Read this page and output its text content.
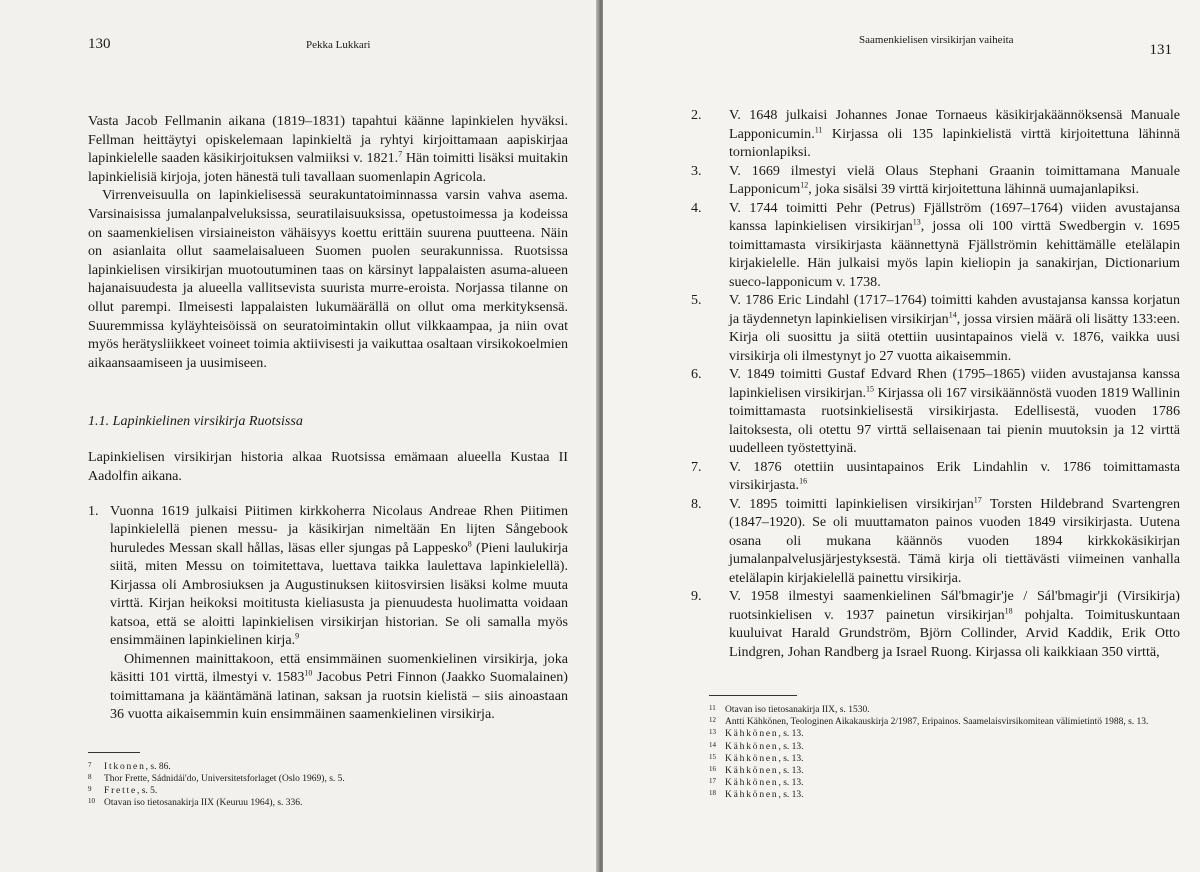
130	Pekka Lukkari

Vasta Jacob Fellmanin aikana (1819–1831) tapahtui käänne lapinkielen hyväksi. Fellman heittäytyi opiskelemaan lapinkieltä ja ryhtyi kirjoittamaan aapiskirjaa lapinkielelle saaden käsikirjoituksen valmiiksi v. 1821.$^7$ Hän toimitti lisäksi muitakin lapinkielisiä kirjoja, joten hänestä tuli tavallaan suomenlapin Agricola.

Virrenveisuulla on lapinkielisessä seurakuntatoiminnassa varsin vahva asema. Varsinaisissa jumalanpalveluksissa, seuratilaisuuksissa, opetustoimessa ja kodeissa on saamenkielisen virsiaineiston vähäisyys koettu erittäin suurena puutteena. Näin on asianlaita ollut saamelaisalueen Suomen puolen seurakunnissa. Ruotsissa lapinkielisen virsikirjan muotoutuminen taas on kärsinyt lappalaisten asuma-alueen hajanaisuudesta ja alueella vallitsevista suurista murre-eroista. Norjassa tilanne on ollut parempi. Ilmeisesti lappalaisten lukumäärällä on ollut oma merkityksensä. Suuremmissa kyläyhteisöissä on seuratoimintakin ollut vilkkaampaa, ja niin ovat myös herätysliikkeet voineet toimia aktiivisesti ja vaikuttaa osaltaan virsikokoelmien aikaansaamiseen ja uusimiseen.

1.1. Lapinkielinen virsikirja Ruotsissa

Lapinkielisen virsikirjan historia alkaa Ruotsissa emämaan alueella Kustaa II Aadolfin aikana.

1. Vuonna 1619 julkaisi Piitimen kirkkoherra Nicolaus Andreae Rhen Piitimen lapinkielellä pienen messu- ja käsikirjan nimeltään En lijten Sångebook huruledes Messan skall hållas, läsas eller sjungas på Lappesko$^8$ (Pieni laulukirja siitä, miten Messu on toimitettava, luettava taikka laulettava lapinkielellä). Kirjassa oli Ambrosiuksen ja Augustinuksen kiitosvirsien lisäksi kolme muuta virttä. Kirjan heikoksi moititusta kieliasusta ja pienuudesta huolimatta voidaan katsoa, että se aloitti lapinkielisen virsikirjan historian. Se oli samalla myös ensimmäinen lapinkielinen kirja.$^9$
Ohimennen mainittakoon, että ensimmäinen suomenkielinen virsikirja, joka käsitti 101 virttä, ilmestyi v. 1583$^{10}$ Jacobus Petri Finnon (Jaakko Suomalainen) toimittamana ja kääntämänä latinan, saksan ja ruotsin kielistä – siis ainoastaan 36 vuotta aikaisemmin kuin ensimmäinen saamenkielinen virsikirja.
7 Itkonen, s. 86.
8 Thor Frette, Sádnidái'do, Universitetsforlaget (Oslo 1969), s. 5.
9 Frette, s. 5.
10 Otavan iso tietosanakirja IIX (Keuruu 1964), s. 336.
Saamenkielisen virsikirjan vaiheita
131
2. V. 1648 julkaisi Johannes Jonae Tornaeus käsikirjakäännöksensä Manuale Lapponicumin.$^{11}$ Kirjassa oli 135 lapinkielistä virttä kirjoitettuna lähinnä tornionlapiksi.
3. V. 1669 ilmestyi vielä Olaus Stephani Graanin toimittamana Manuale Lapponicum$^{12}$, joka sisälsi 39 virttä kirjoitettuna lähinnä uumajanlapiksi.
4. V. 1744 toimitti Pehr (Petrus) Fjällström (1697–1764) viiden avustajansa kanssa lapinkielisen virsikirjan$^{13}$, jossa oli 100 virttä Swedbergin v. 1695 toimittamasta virsikirjasta käännettynä Fjällströmin kehittämälle etelälapin kirjakielelle. Hän julkaisi myös lapin kieliopin ja sanakirjan, Dictionarium sueco-lapponicum v. 1738.
5. V. 1786 Eric Lindahl (1717–1764) toimitti kahden avustajansa kanssa korjatun ja täydennetyn lapinkielisen virsikirjan$^{14}$, jossa virsien määrä oli lisätty 133:een. Kirja oli suosittu ja siitä otettiin uusintapainos vielä v. 1876, vaikka uusi virsikirja oli ilmestynyt jo 27 vuotta aikaisemmin.
6. V. 1849 toimitti Gustaf Edvard Rhen (1795–1865) viiden avustajansa kanssa lapinkielisen virsikirjan.$^{15}$ Kirjassa oli 167 virsikäännöstä vuoden 1819 Wallinin toimittamasta ruotsinkielisestä virsikirjasta. Edellisestä, vuoden 1786 laitoksesta, oli otettu 97 virttä sellaisenaan tai pienin muutoksin ja 12 virttä uudelleen työstettyinä.
7. V. 1876 otettiin uusintapainos Erik Lindahlin v. 1786 toimittamasta virsikirjasta.$^{16}$
8. V. 1895 toimitti lapinkielisen virsikirjan$^{17}$ Torsten Hildebrand Svartengren (1847–1920). Se oli muuttamaton painos vuoden 1849 virsikirjasta. Uutena osana oli mukana käännös vuoden 1894 kirkkokäsikirjan jumalanpalvelusjärjestyksestä. Tämä kirja oli tiettävästi viimeinen vanhalla etelälapin kirjakielellä painettu virsikirja.
9. V. 1958 ilmestyi saamenkielinen Sál'bmagir'je / Sál'bmagir'ji (Virsikirja) ruotsinkielisen v. 1937 painetun virsikirjan$^{18}$ pohjalta. Toimituskuntaan kuuluivat Harald Grundström, Björn Collinder, Arvid Kaddik, Erik Otto Lindgren, Johan Randberg ja Israel Ruong. Kirjassa oli kaikkiaan 350 virttä,
11 Otavan iso tietosanakirja IIX, s. 1530.
12 Antti Kähkönen, Teologinen Aikakauskirja 2/1987, Eripainos. Saamelaisvirsikomitean välimietintö 1988, s. 13.
13 Kähkönen, s. 13.
14 Kähkönen, s. 13.
15 Kähkönen, s. 13.
16 Kähkönen, s. 13.
17 Kähkönen, s. 13.
18 Kähkönen, s. 13.
